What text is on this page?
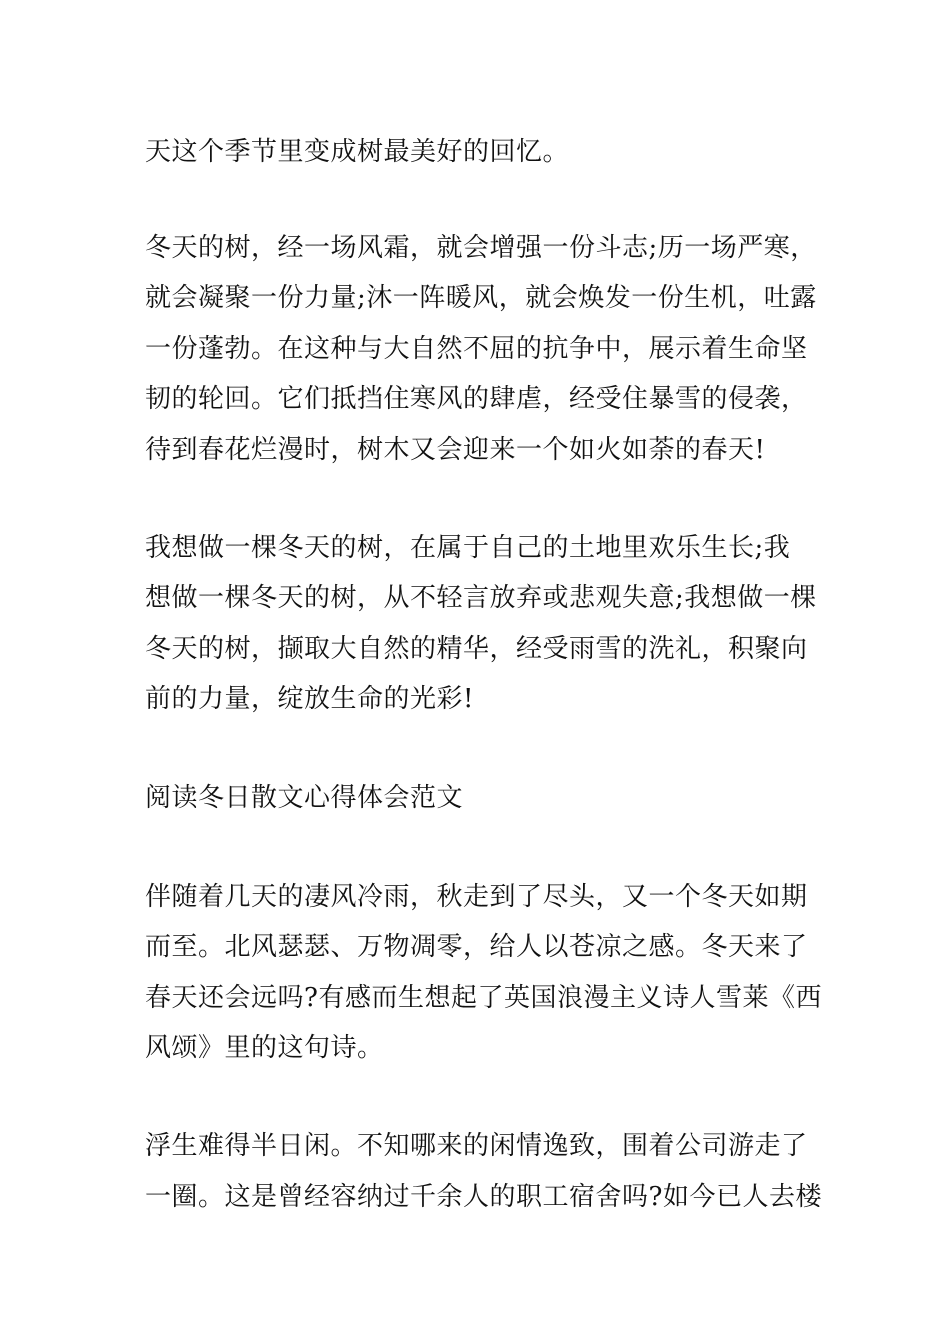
天这个季节里变成树最美好的回忆。
冬天的树，经一场风霜，就会增强一份斗志;历一场严寒，
就会凝聚一份力量;沐一阵暖风，就会焕发一份生机，吐露
一份蓬勃。在这种与大自然不屈的抗争中，展示着生命坚
韧的轮回。它们抵挡住寒风的肆虐，经受住暴雪的侵袭，
待到春花烂漫时，树木又会迎来一个如火如荼的春天!
我想做一棵冬天的树，在属于自己的土地里欢乐生长;我
想做一棵冬天的树，从不轻言放弃或悲观失意;我想做一棵
冬天的树，撷取大自然的精华，经受雨雪的洗礼，积聚向
前的力量，绽放生命的光彩!
阅读冬日散文心得体会范文
伴随着几天的凄风冷雨，秋走到了尽头，又一个冬天如期
而至。北风瑟瑟、万物凋零，给人以苍凉之感。冬天来了
春天还会远吗?有感而生想起了英国浪漫主义诗人雪莱《西
风颂》里的这句诗。
浮生难得半日闲。不知哪来的闲情逸致，围着公司游走了
一圈。这是曾经容纳过千余人的职工宿舍吗?如今已人去楼
